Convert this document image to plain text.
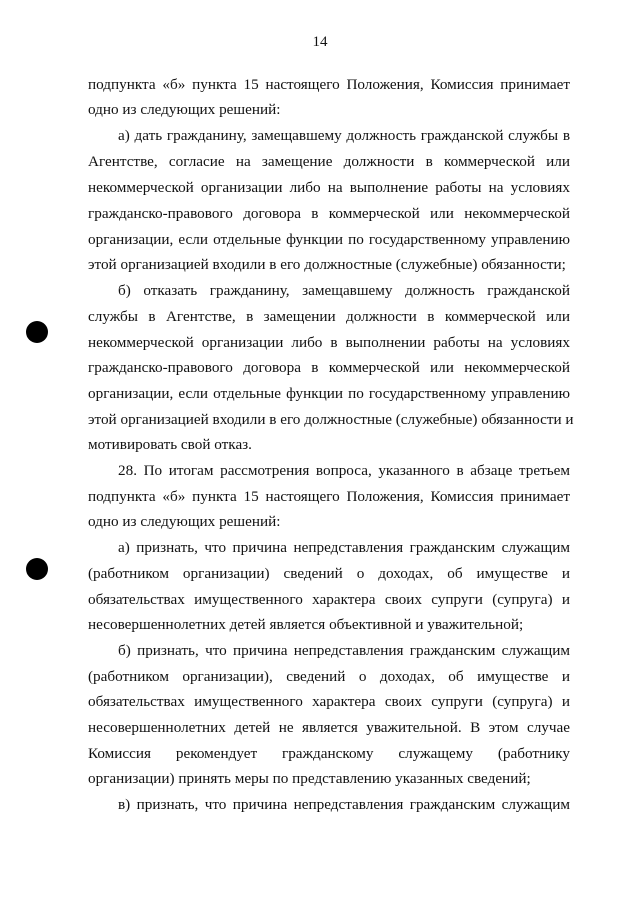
14
подпункта «б» пункта 15 настоящего Положения, Комиссия принимает
одно из следующих решений:
а) дать гражданину, замещавшему должность гражданской службы в
Агентстве, согласие на замещение должности в коммерческой или
некоммерческой организации либо на выполнение работы на условиях
гражданско-правового договора в коммерческой или некоммерческой
организации, если отдельные функции по государственному управлению
этой организацией входили в его должностные (служебные) обязанности;
б) отказать гражданину, замещавшему должность гражданской
службы в Агентстве, в замещении должности в коммерческой или
некоммерческой организации либо в выполнении работы на условиях
гражданско-правового договора в коммерческой или некоммерческой
организации, если отдельные функции по государственному управлению
этой организацией входили в его должностные (служебные) обязанности и
мотивировать свой отказ.
28. По итогам рассмотрения вопроса, указанного в абзаце третьем
подпункта «б» пункта 15 настоящего Положения, Комиссия принимает
одно из следующих решений:
а) признать, что причина непредставления гражданским служащим
(работником организации) сведений о доходах, об имуществе и
обязательствах имущественного характера своих супруги (супруга) и
несовершеннолетних детей является объективной и уважительной;
б) признать, что причина непредставления гражданским служащим
(работником организации), сведений о доходах, об имуществе и
обязательствах имущественного характера своих супруги (супруга) и
несовершеннолетних детей не является уважительной. В этом случае
Комиссия рекомендует гражданскому служащему (работнику
организации) принять меры по представлению указанных сведений;
в) признать, что причина непредставления гражданским служащим
